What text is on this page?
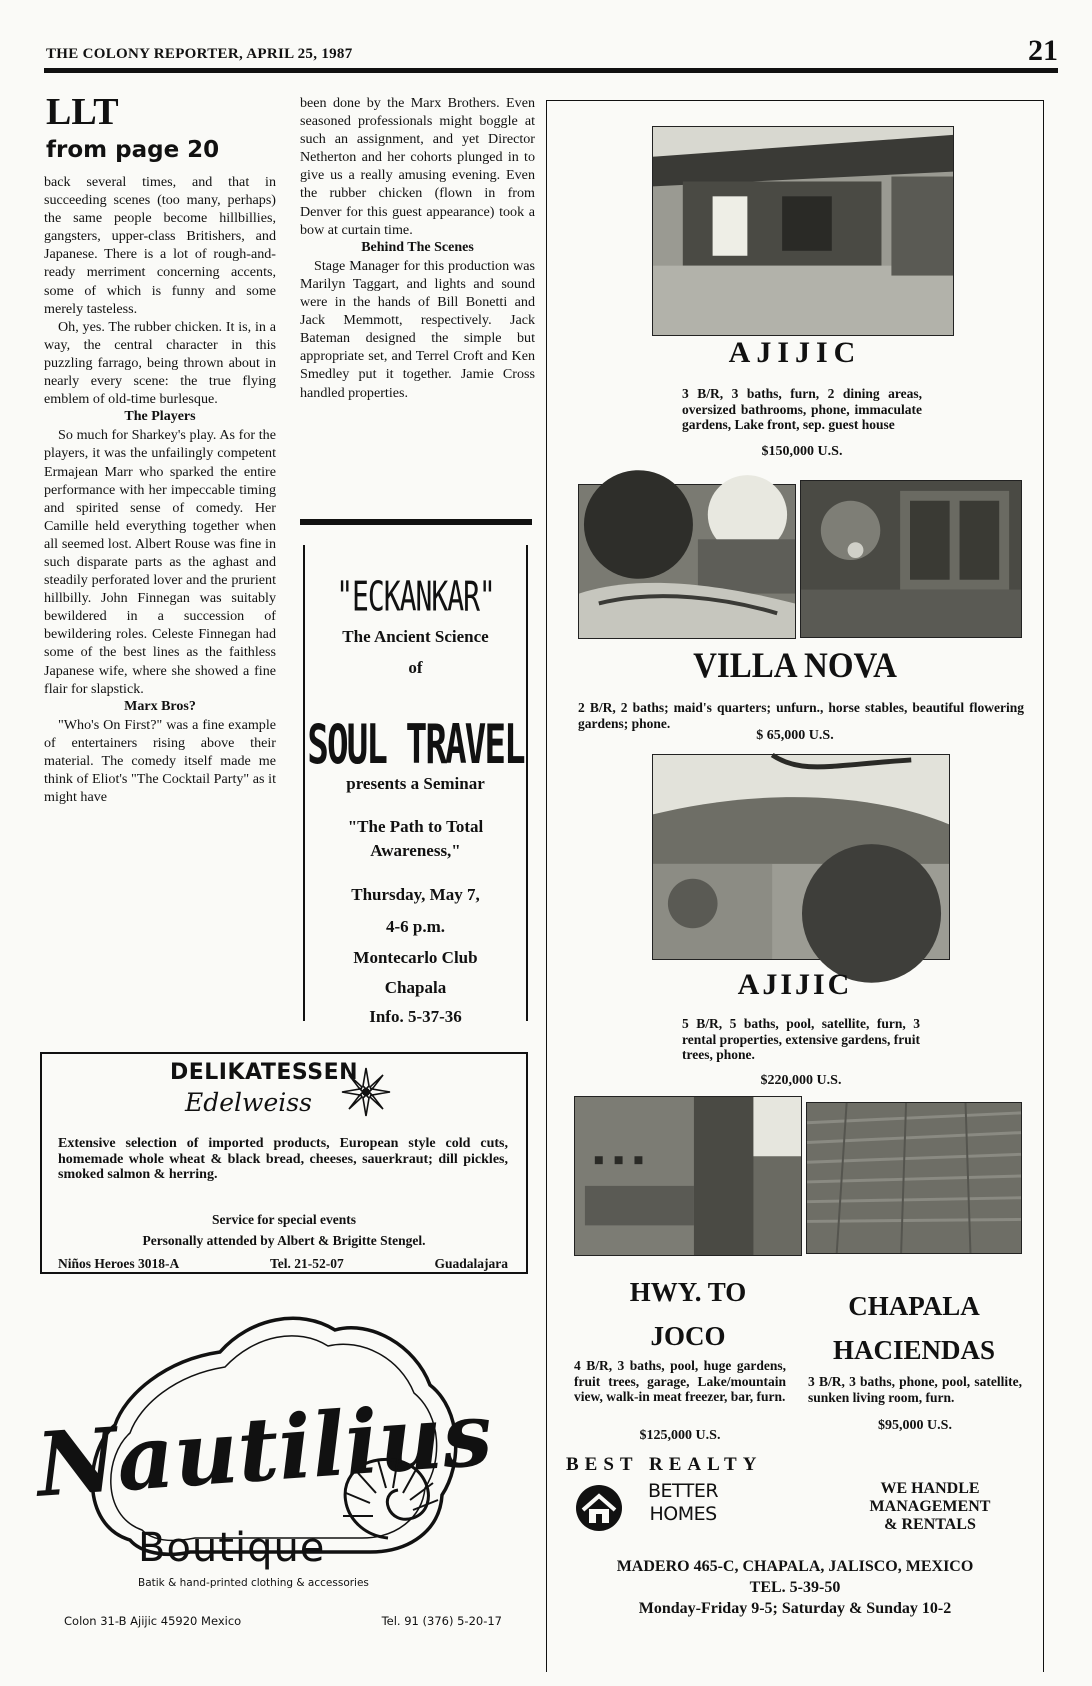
THE COLONY REPORTER, APRIL 25, 1987	21
LLT
from page 20

back several times, and that in succeeding scenes (too many, perhaps) the same people become hillbillies, gangsters, upper-class Britishers, and Japanese. There is a lot of rough-and-ready merriment concerning accents, some of which is funny and some merely tasteless.

Oh, yes. The rubber chicken. It is, in a way, the central character in this puzzling farrago, being thrown about in nearly every scene: the true flying emblem of old-time burlesque.

The Players

So much for Sharkey's play. As for the players, it was the unfailingly competent Ermajean Marr who sparked the entire performance with her impeccable timing and spirited sense of comedy. Her Camille held everything together when all seemed lost. Albert Rouse was fine in such disparate parts as the aghast and steadily perforated lover and the prurient hillbilly. John Finnegan was suitably bewildered in a succession of bewildering roles. Celeste Finnegan had some of the best lines as the faithless Japanese wife, where she showed a fine flair for slapstick.

Marx Bros?

"Who's On First?" was a fine example of entertainers rising above their material. The comedy itself made me think of Eliot's "The Cocktail Party" as it might have

been done by the Marx Brothers. Even seasoned professionals might boggle at such an assignment, and yet Director Netherton and her cohorts plunged in to give us a really amusing evening. Even the rubber chicken (flown in from Denver for this guest appearance) took a bow at curtain time.

Behind The Scenes

Stage Manager for this production was Marilyn Taggart, and lights and sound were in the hands of Bill Bonetti and Jack Memmott, respectively. Jack Bateman designed the simple but appropriate set, and Terrel Croft and Ken Smedley put it together. Jamie Cross handled properties.

"ECKANKAR"
The Ancient Science
of
SOUL TRAVEL
presents a Seminar
"The Path to Total
Awareness,"
Thursday, May 7,
4-6 p.m.
Montecarlo Club
Chapala
Info. 5-37-36
DELIKATESSEN
Edelweiss
Extensive selection of imported products, European style cold cuts, homemade whole wheat & black bread, cheeses, sauerkraut; dill pickles, smoked salmon & herring.
Service for special events
Personally attended by Albert & Brigitte Stengel.
Niños Heroes 3018-A	Tel. 21-52-07	Guadalajara
Nautilius
Boutique
Batik & hand-printed clothing & accessories
Colon 31-B Ajijic 45920 Mexico	Tel. 91 (376) 5-20-17
AJIJIC
3 B/R, 3 baths, furn, 2 dining areas, oversized bathrooms, phone, immaculate gardens, Lake front, sep. guest house
$150,000 U.S.
VILLA NOVA
2 B/R, 2 baths; maid's quarters; unfurn., horse stables, beautiful flowering gardens; phone.
$ 65,000 U.S.
AJIJIC
5 B/R, 5 baths, pool, satellite, furn, 3 rental properties, extensive gardens, fruit trees, phone.
$220,000 U.S.
HWY. TO
JOCO
4 B/R, 3 baths, pool, huge gardens, fruit trees, garage, Lake/mountain view, walk-in meat freezer, bar, furn.
$125,000 U.S.
CHAPALA
HACIENDAS
3 B/R, 3 baths, phone, pool, satellite, sunken living room, furn.
$95,000 U.S.
BEST REALTY
BETTER
HOMES
WE HANDLE
MANAGEMENT
& RENTALS
MADERO 465-C, CHAPALA, JALISCO, MEXICO
TEL. 5-39-50
Monday-Friday 9-5; Saturday & Sunday 10-2
